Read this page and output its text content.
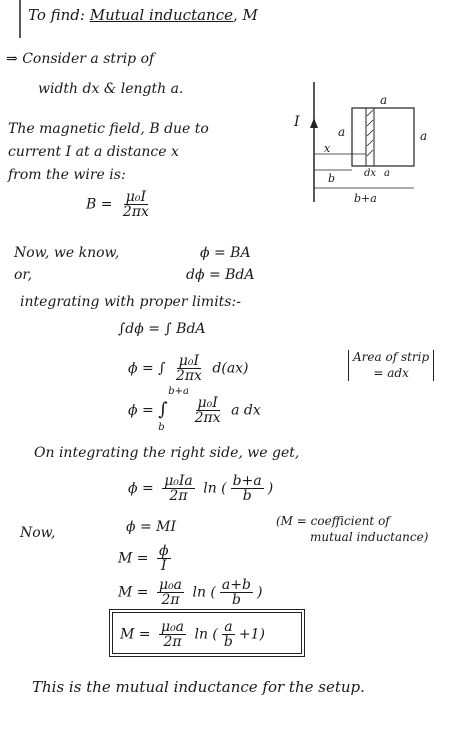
To find: Mutual inductance, M
⇒ Consider a strip of
width dx & length a.
The magnetic field, B due to
current I at a distance x
from the wire is:
$B = \frac{\text{μ₀I}}{2\pi x}$
I
a
a	a
x
dx a
b
b+a
Now, we know,	ϕ = BA
or,	dϕ = BdA
integrating with proper limits:-
∫dϕ = ∫ BdA
ϕ = ∫ $\frac{\text{μ₀I}}{2\pi x} d(ax)$
Area of strip
= adx
ϕ =
b+a
∫
b

$\frac{\text{μ₀I}}{2\pi x}$ a dx
On integrating the right side, we get,
$\phi = \frac{\text{μ₀Ia}}{2\pi}$ ln ( $\frac{b+a}{b}$ )
Now,	ϕ = MI	(M = coefficient of
mutual inductance)
$M = \frac{\phi}{I}$
$M = \frac{\text{μ₀a}}{2\pi}$ ln ( $\frac{a+b}{b}$ )
$M = \frac{\text{μ₀a}}{2\pi}$ ln ( $\frac{a}{b} +1$)
This is the mutual inductance for the setup.
